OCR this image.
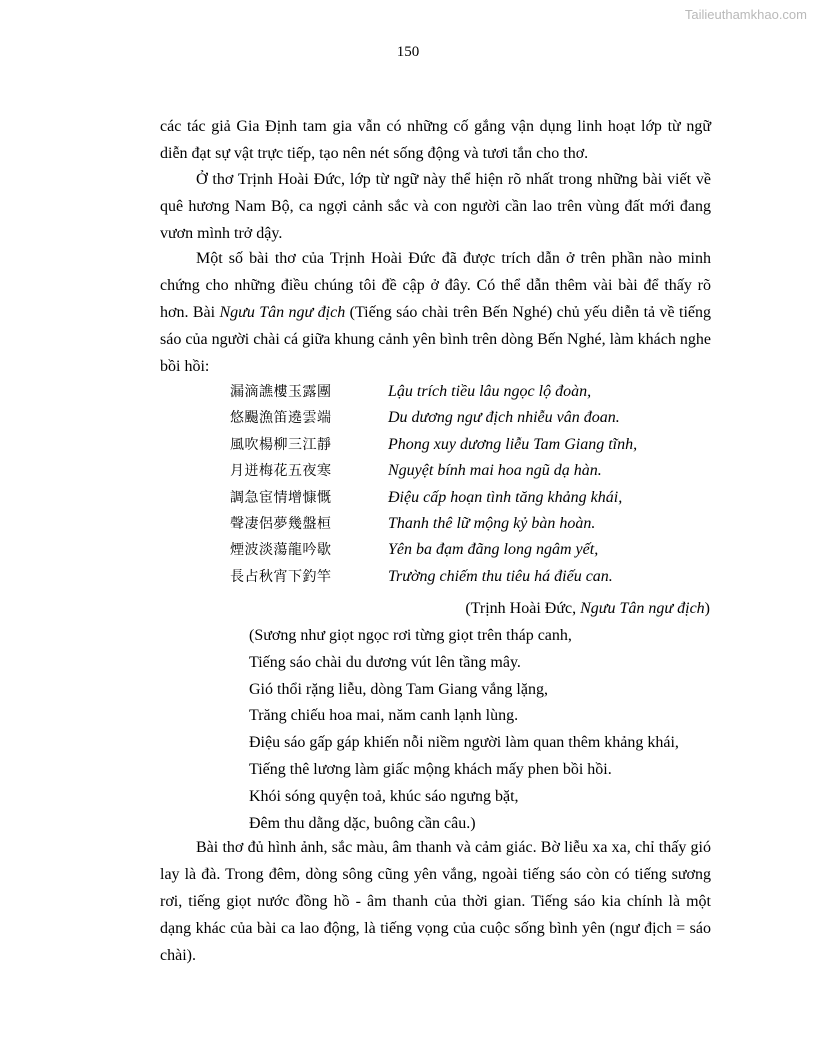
Tailieuthamkhao.com
150

các tác giả Gia Định tam gia vẫn có những cố gắng vận dụng linh hoạt lớp từ ngữ diễn đạt sự vật trực tiếp, tạo nên nét sống động và tươi tắn cho thơ.

Ở thơ Trịnh Hoài Đức, lớp từ ngữ này thể hiện rõ nhất trong những bài viết về quê hương Nam Bộ, ca ngợi cảnh sắc và con người cần lao trên vùng đất mới đang vươn mình trở dậy.

Một số bài thơ của Trịnh Hoài Đức đã được trích dẫn ở trên phần nào minh chứng cho những điều chúng tôi đề cập ở đây. Có thể dẫn thêm vài bài để thấy rõ hơn. Bài Ngưu Tân ngư địch (Tiếng sáo chài trên Bến Nghé) chủ yếu diễn tả về tiếng sáo của người chài cá giữa khung cảnh yên bình trên dòng Bến Nghé, làm khách nghe bồi hồi:

漏滴譙樓玉露團	Lậu trích tiều lâu ngọc lộ đoàn,
悠颺漁笛遶雲端	Du dương ngư địch nhiễu vân đoan.
風吹楊柳三江靜	Phong xuy dương liễu Tam Giang tĩnh,
月迸梅花五夜寒	Nguyệt bính mai hoa ngũ dạ hàn.
調急宦情增慷慨	Điệu cấp hoạn tình tăng khảng khái,
聲凄侶夢幾盤桓	Thanh thê lữ mộng kỷ bàn hoàn.
煙波淡蕩龍吟歇	Yên ba đạm đãng long ngâm yết,
長占秋宵下釣竿	Trường chiếm thu tiêu há điếu can.
(Trịnh Hoài Đức, Ngưu Tân ngư địch)
(Sương như giọt ngọc rơi từng giọt trên tháp canh,
Tiếng sáo chài du dương vút lên tầng mây.
Gió thổi rặng liễu, dòng Tam Giang vắng lặng,
Trăng chiếu hoa mai, năm canh lạnh lùng.
Điệu sáo gấp gáp khiến nỗi niềm người làm quan thêm khảng khái,
Tiếng thê lương làm giấc mộng khách mấy phen bồi hồi.
Khói sóng quyện toả, khúc sáo ngưng bặt,
Đêm thu dằng dặc, buông cần câu.)

Bài thơ đủ hình ảnh, sắc màu, âm thanh và cảm giác. Bờ liễu xa xa, chỉ thấy gió lay là đà. Trong đêm, dòng sông cũng yên vắng, ngoài tiếng sáo còn có tiếng sương rơi, tiếng giọt nước đồng hồ - âm thanh của thời gian. Tiếng sáo kia chính là một dạng khác của bài ca lao động, là tiếng vọng của cuộc sống bình yên (ngư địch = sáo chài).
